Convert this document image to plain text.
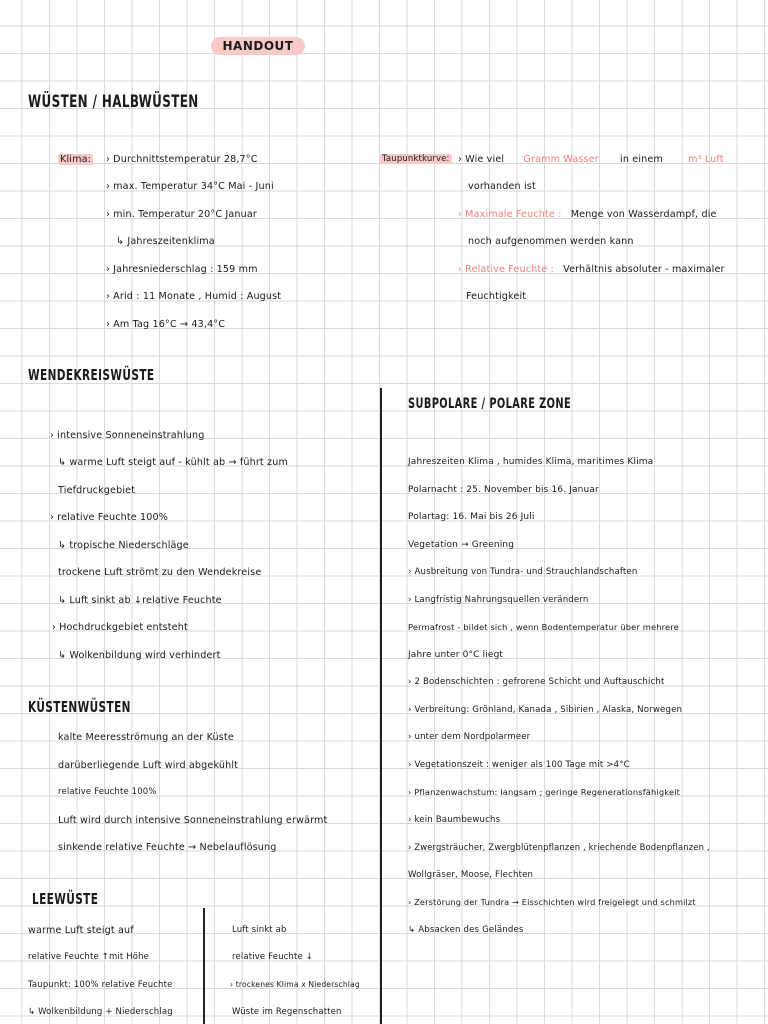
HANDOUT
WÜSTEN / HALBWÜSTEN
Klima: › Durchnittstemperatur 28,7°C
› max. Temperatur 34°C Mai - Juni
› min. Temperatur 20°C Januar
↳ Jahreszeitenklima
› Jahresniederschlag : 159 mm
› Arid : 11 Monate , Humid : August
› Am Tag 16°C → 43,4°C
Taupunktkurve: › Wie viel Gramm Wasser in einem	m³ Luft
vorhanden ist
› Maximale Feuchte : Menge von Wasserdampf, die
noch aufgenommen werden kann
› Relative Feuchte : Verhältnis absoluter - maximaler
Feuchtigkeit
WENDEKREISWÜSTE
› intensive Sonneneinstrahlung
↳ warme Luft steigt auf - kühlt ab → führt zum
Tiefdruckgebiet
› relative Feuchte 100%
↳ tropische Niederschläge
trockene Luft strömt zu den Wendekreise
↳ Luft sinkt ab ↓relative Feuchte
› Hochdruckgebiet entsteht
↳ Wolkenbildung wird verhindert
KÜSTENWÜSTEN
kalte Meeresströmung an der Küste
darüberliegende Luft wird abgekühlt
relative Feuchte 100%
Luft wird durch intensive Sonneneinstrahlung erwärmt
sinkende relative Feuchte → Nebelauflösung
LEEWÜSTE
warme Luft steigt auf
relative Feuchte ↑mit Höhe
Taupunkt: 100% relative Feuchte
↳ Wolkenbildung + Niederschlag
Luft sinkt ab
relative Feuchte ↓
› trockenes Klima x Niederschlag
Wüste im Regenschatten
SUBPOLARE / POLARE ZONE
Jahreszeiten Klima , humides Klima, maritimes Klima
Polarnacht : 25. November bis 16. Januar
Polartag: 16. Mai bis 26 Juli
Vegetation → Greening
› Ausbreitung von Tundra- und Strauchlandschaften
› Langfristig Nahrungsquellen verändern
Permafrost - bildet sich , wenn Bodentemperatur über mehrere
Jahre unter 0°C liegt
› 2 Bodenschichten : gefrorene Schicht und Auftauschicht
› Verbreitung: Grönland, Kanada , Sibirien , Alaska, Norwegen
› unter dem Nordpolarmeer
› Vegetationszeit : weniger als 100 Tage mit >4°C
› Pflanzenwachstum: langsam ; geringe Regenerationsfähigkeit
› kein Baumbewuchs
› Zwergsträucher, Zwergblütenpflanzen , kriechende Bodenpflanzen ,
Wollgräser, Moose, Flechten
› Zerstörung der Tundra → Eisschichten wird freigelegt und schmilzt
↳ Absacken des Geländes
